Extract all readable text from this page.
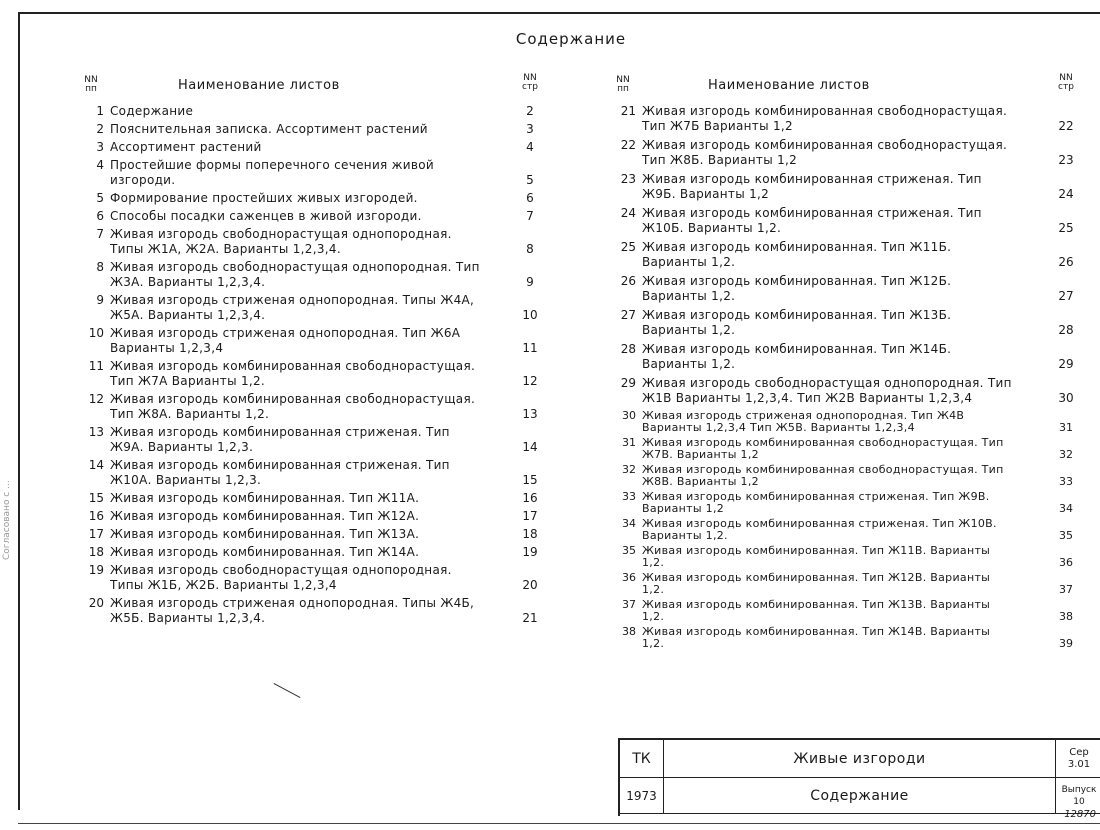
Согласовано с ...
Содержание
NN пп	Наименование листов	NN стр
1 Содержание	2
2 Пояснительная записка. Ассортимент растений	3
3 Ассортимент растений	4
4 Простейшие формы поперечного сечения живой изгороди.	5
5 Формирование простейших живых изгородей.	6
6 Способы посадки саженцев в живой изгороди.	7
7 Живая изгородь свободнорастущая однопородная. Типы Ж1А, Ж2А. Варианты 1,2,3,4.	8
8 Живая изгородь свободнорастущая однопородная. Тип Ж3А. Варианты 1,2,3,4.	9
9 Живая изгородь стриженая однопородная. Типы Ж4А, Ж5А. Варианты 1,2,3,4.	10
10 Живая изгородь стриженая однопородная. Тип Ж6А Варианты 1,2,3,4	11
11 Живая изгородь комбинированная свободнорастущая. Тип Ж7А Варианты 1,2.	12
12 Живая изгородь комбинированная свободнорастущая. Тип Ж8А. Варианты 1,2.	13
13 Живая изгородь комбинированная стриженая. Тип Ж9А. Варианты 1,2,3.	14
14 Живая изгородь комбинированная стриженая. Тип Ж10А. Варианты 1,2,3.	15
15 Живая изгородь комбинированная. Тип Ж11А.	16
16 Живая изгородь комбинированная. Тип Ж12А.	17
17 Живая изгородь комбинированная. Тип Ж13А.	18
18 Живая изгородь комбинированная. Тип Ж14А.	19
19 Живая изгородь свободнорастущая однопородная. Типы Ж1Б, Ж2Б. Варианты 1,2,3,4	20
20 Живая изгородь стриженая однопородная. Типы Ж4Б, Ж5Б. Варианты 1,2,3,4.	21
NN пп	Наименование листов	NN стр
21 Живая изгородь комбинированная свободнорастущая. Тип Ж7Б Варианты 1,2	22
22 Живая изгородь комбинированная свободнорастущая. Тип Ж8Б. Варианты 1,2	23
23 Живая изгородь комбинированная стриженая. Тип Ж9Б. Варианты 1,2	24
24 Живая изгородь комбинированная стриженая. Тип Ж10Б. Варианты 1,2.	25
25 Живая изгородь комбинированная. Тип Ж11Б. Варианты 1,2.	26
26 Живая изгородь комбинированная. Тип Ж12Б. Варианты 1,2.	27
27 Живая изгородь комбинированная. Тип Ж13Б. Варианты 1,2.	28
28 Живая изгородь комбинированная. Тип Ж14Б. Варианты 1,2.	29
29 Живая изгородь свободнорастущая однопородная. Тип Ж1В Варианты 1,2,3,4. Тип Ж2В Варианты 1,2,3,4	30
30 Живая изгородь стриженая однопородная. Тип Ж4В Варианты 1,2,3,4 Тип Ж5В. Варианты 1,2,3,4	31
31 Живая изгородь комбинированная свободнорастущая. Тип Ж7В. Варианты 1,2	32
32 Живая изгородь комбинированная свободнорастущая. Тип Ж8В. Варианты 1,2	33
33 Живая изгородь комбинированная стриженая. Тип Ж9В. Варианты 1,2	34
34 Живая изгородь комбинированная стриженая. Тип Ж10В. Варианты 1,2.	35
35 Живая изгородь комбинированная. Тип Ж11В. Варианты 1,2.	36
36 Живая изгородь комбинированная. Тип Ж12В. Варианты 1,2.	37
37 Живая изгородь комбинированная. Тип Ж13В. Варианты 1,2.	38
38 Живая изгородь комбинированная. Тип Ж14В. Варианты 1,2.	39
ТК	Живые изгороди	Сер
3.01
1973	Содержание	Выпуск
10
12870
